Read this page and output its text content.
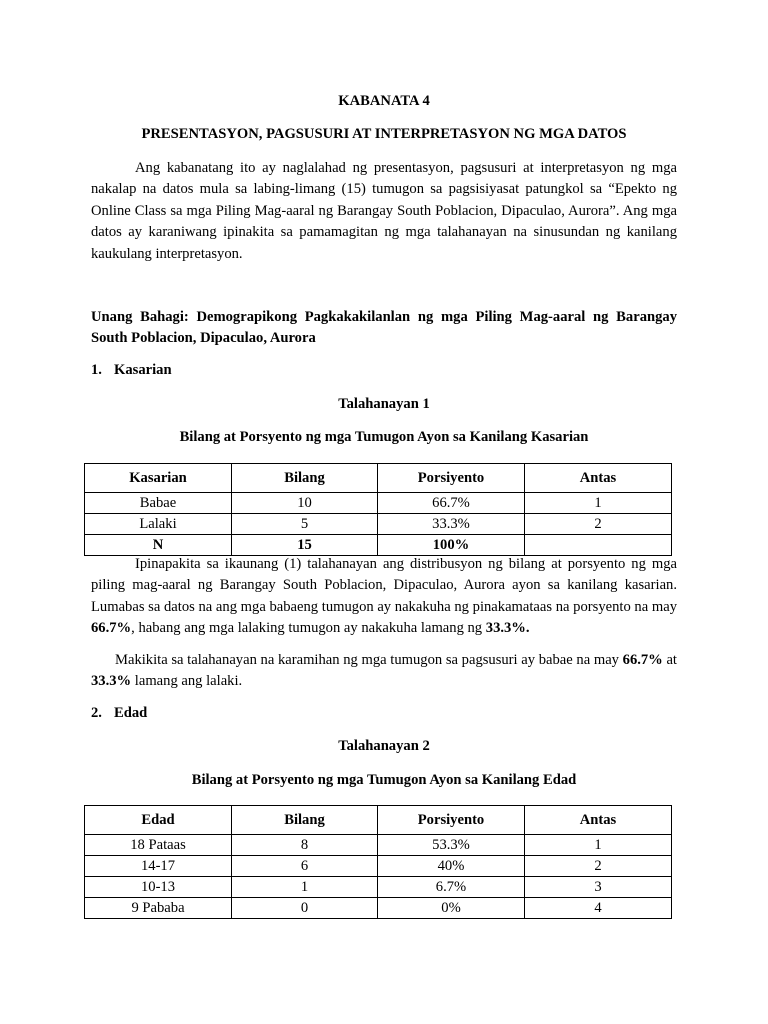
KABANATA 4

PRESENTASYON, PAGSUSURI AT INTERPRETASYON NG MGA DATOS

Ang kabanatang ito ay naglalahad ng presentasyon, pagsusuri at interpretasyon ng mga nakalap na datos mula sa labing-limang (15) tumugon sa pagsisiyasat patungkol sa “Epekto ng Online Class sa mga Piling Mag-aaral ng Barangay South Poblacion, Dipaculao, Aurora”. Ang mga datos ay karaniwang ipinakita sa pamamagitan ng mga talahanayan na sinusundan ng kanilang kaukulang interpretasyon.

Unang Bahagi: Demograpikong Pagkakakilanlan ng mga Piling Mag-aaral ng Barangay South Poblacion, Dipaculao, Aurora

1. Kasarian

Talahanayan 1

Bilang at Porsyento ng mga Tumugon Ayon sa Kanilang Kasarian

Kasarian	Bilang	Porsiyento	Antas
Babae	10	66.7%	1
Lalaki	5	33.3%	2
N	15	100%	

Ipinapakita sa ikaunang (1) talahanayan ang distribusyon ng bilang at porsyento ng mga piling mag-aaral ng Barangay South Poblacion, Dipaculao, Aurora ayon sa kanilang kasarian. Lumabas sa datos na ang mga babaeng tumugon ay nakakuha ng pinakamataas na porsyento na may 66.7%, habang ang mga lalaking tumugon ay nakakuha lamang ng 33.3%.

Makikita sa talahanayan na karamihan ng mga tumugon sa pagsusuri ay babae na may 66.7% at 33.3% lamang ang lalaki.

2. Edad

Talahanayan 2

Bilang at Porsyento ng mga Tumugon Ayon sa Kanilang Edad

Edad	Bilang	Porsiyento	Antas
18 Pataas	8	53.3%	1
14-17	6	40%	2
10-13	1	6.7%	3
9 Pababa	0	0%	4
